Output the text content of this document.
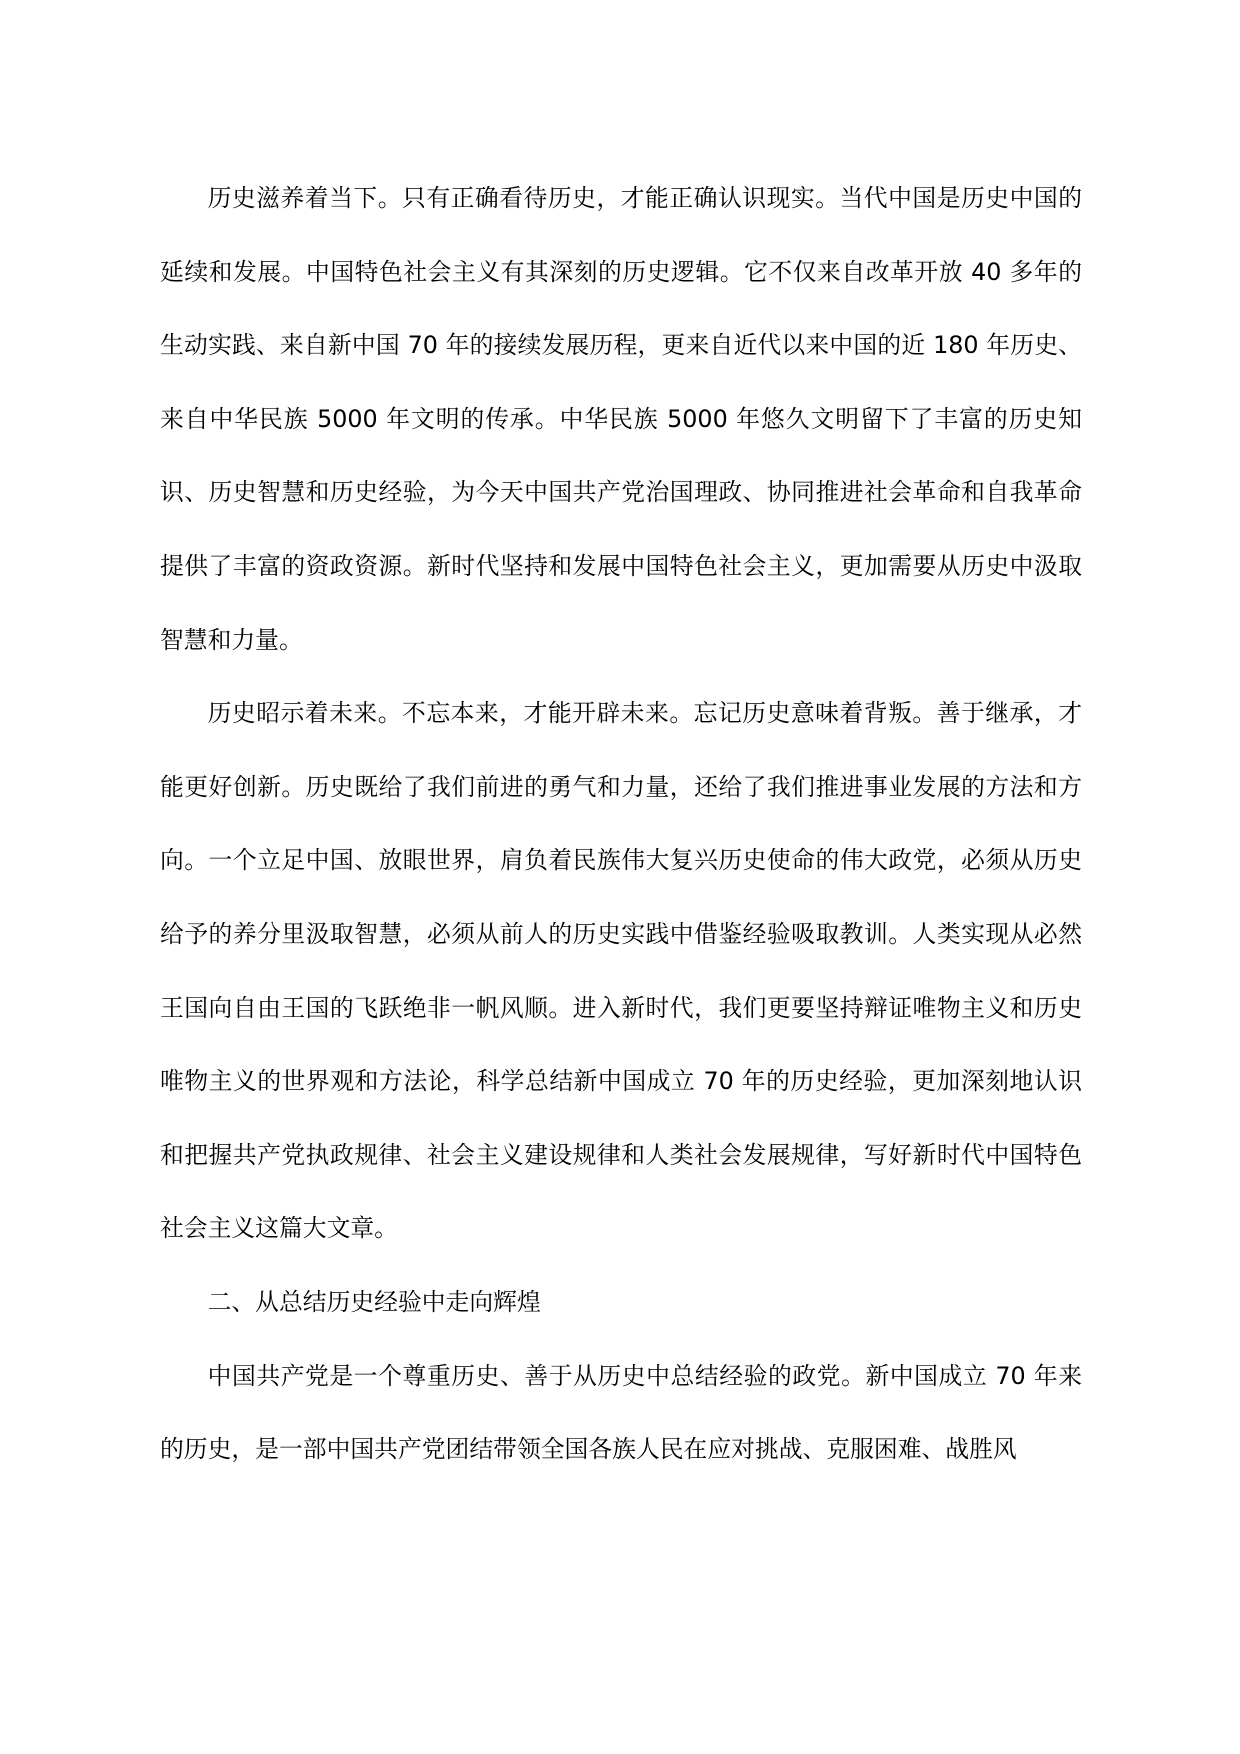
历史滋养着当下。只有正确看待历史，才能正确认识现实。当代中国是历史中国的延续和发展。中国特色社会主义有其深刻的历史逻辑。它不仅来自改革开放 40 多年的生动实践、来自新中国 70 年的接续发展历程，更来自近代以来中国的近 180 年历史、来自中华民族 5000 年文明的传承。中华民族 5000 年悠久文明留下了丰富的历史知识、历史智慧和历史经验，为今天中国共产党治国理政、协同推进社会革命和自我革命提供了丰富的资政资源。新时代坚持和发展中国特色社会主义，更加需要从历史中汲取智慧和力量。

历史昭示着未来。不忘本来，才能开辟未来。忘记历史意味着背叛。善于继承，才能更好创新。历史既给了我们前进的勇气和力量，还给了我们推进事业发展的方法和方向。一个立足中国、放眼世界，肩负着民族伟大复兴历史使命的伟大政党，必须从历史给予的养分里汲取智慧，必须从前人的历史实践中借鉴经验吸取教训。人类实现从必然王国向自由王国的飞跃绝非一帆风顺。进入新时代，我们更要坚持辩证唯物主义和历史唯物主义的世界观和方法论，科学总结新中国成立 70 年的历史经验，更加深刻地认识和把握共产党执政规律、社会主义建设规律和人类社会发展规律，写好新时代中国特色社会主义这篇大文章。

二、从总结历史经验中走向辉煌

中国共产党是一个尊重历史、善于从历史中总结经验的政党。新中国成立 70 年来的历史，是一部中国共产党团结带领全国各族人民在应对挑战、克服困难、战胜风
